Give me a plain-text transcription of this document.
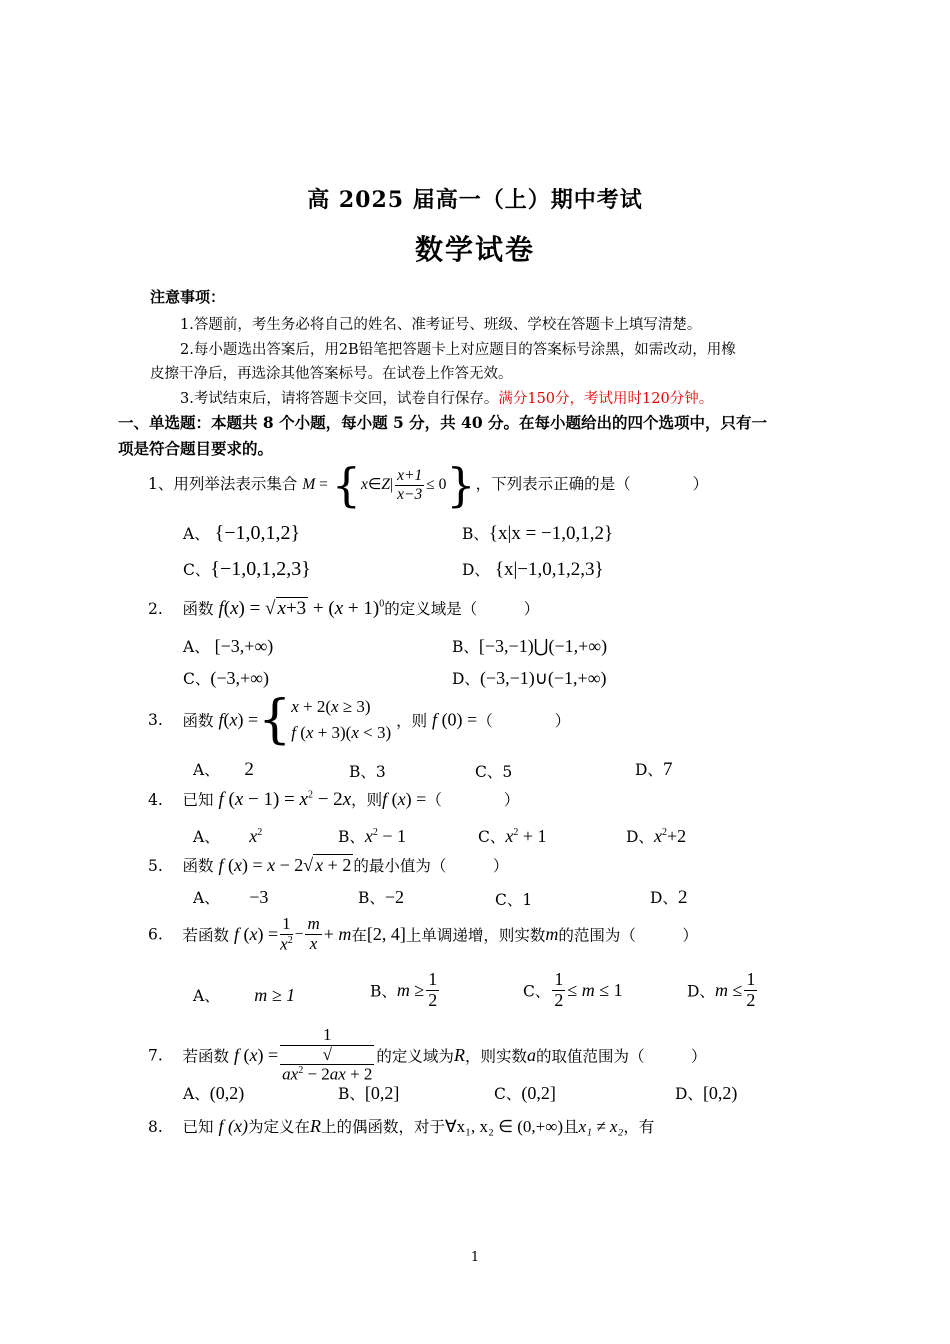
高 2025 届高一（上）期中考试
数学试卷
注意事项：
1.答题前，考生务必将自己的姓名、准考证号、班级、学校在答题卡上填写清楚。
2.每小题选出答案后，用2B铅笔把答题卡上对应题目的答案标号涂黑，如需改动，用橡
皮擦干净后，再选涂其他答案标号。在试卷上作答无效。
3.考试结束后，请将答题卡交回，试卷自行保存。满分150分，考试用时120分钟。
一、单选题：本题共 8 个小题，每小题 5 分，共 40 分。在每小题给出的四个选项中，只有一
项是符合题目要求的。
1、用列举法表示集合 M = {x∈Z| $\frac{x+1}{x-3} \le 0$}，下列表示正确的是（　　　　）
A、 {−1,0,1,2}	B、{x|x = −1,0,1,2}
C、{−1,0,1,2,3}	D、 {x|−1,0,1,2,3}
2. 函数 f(x) = √ $x+3 + (x + 1)^0$的定义域是（　　　）
A、 [−3,+∞)	B、[−3,−1)⋃(−1,+∞)
C、(−3,+∞)	D、(−3,−1)∪(−1,+∞)
3. 函数 f(x) ={ x + 2(x ≥ 3)
f (x + 3)(x < 3)
，则 f (0) =（　　　　）
A、 2	B、3	C、5	D、7
4. 已知 f $(x - 1) = x^2 - 2x$，则f (x) =（　　　　）
A、 $x^2$	B、$x^2 - 1$	C、$x^2 + 1$	D、$x^2+2$
5. 函数 f (x) = x − 2√ x + 2 的最小值为（　　　）
A、 −3	B、−2	C、1	D、2
6. 若函数 f $(x) = \frac{1}{x^2} - \frac{m}{x} + m$在[2, 4]上单调递增，则实数m的范围为（　　　）
A、 m ≥ 1	B、$m \ge \frac{1}{2}$	C、 $\frac{1}{2} \le m \le 1$	D、$m \le \frac{1}{2}$
7. 若函数 f (x) = 1
√
$ax^2 - 2ax + 2$ 的定义域为R，则实数a的取值范围为（　　　）
A、(0,2)	B、[0,2]	C、(0,2]	D、[0,2)
8. 已知 f (x)为定义在R上的偶函数，对于∀x₁, x₂ ∈ (0,+∞)且x₁ ≠ x₂，有
1
